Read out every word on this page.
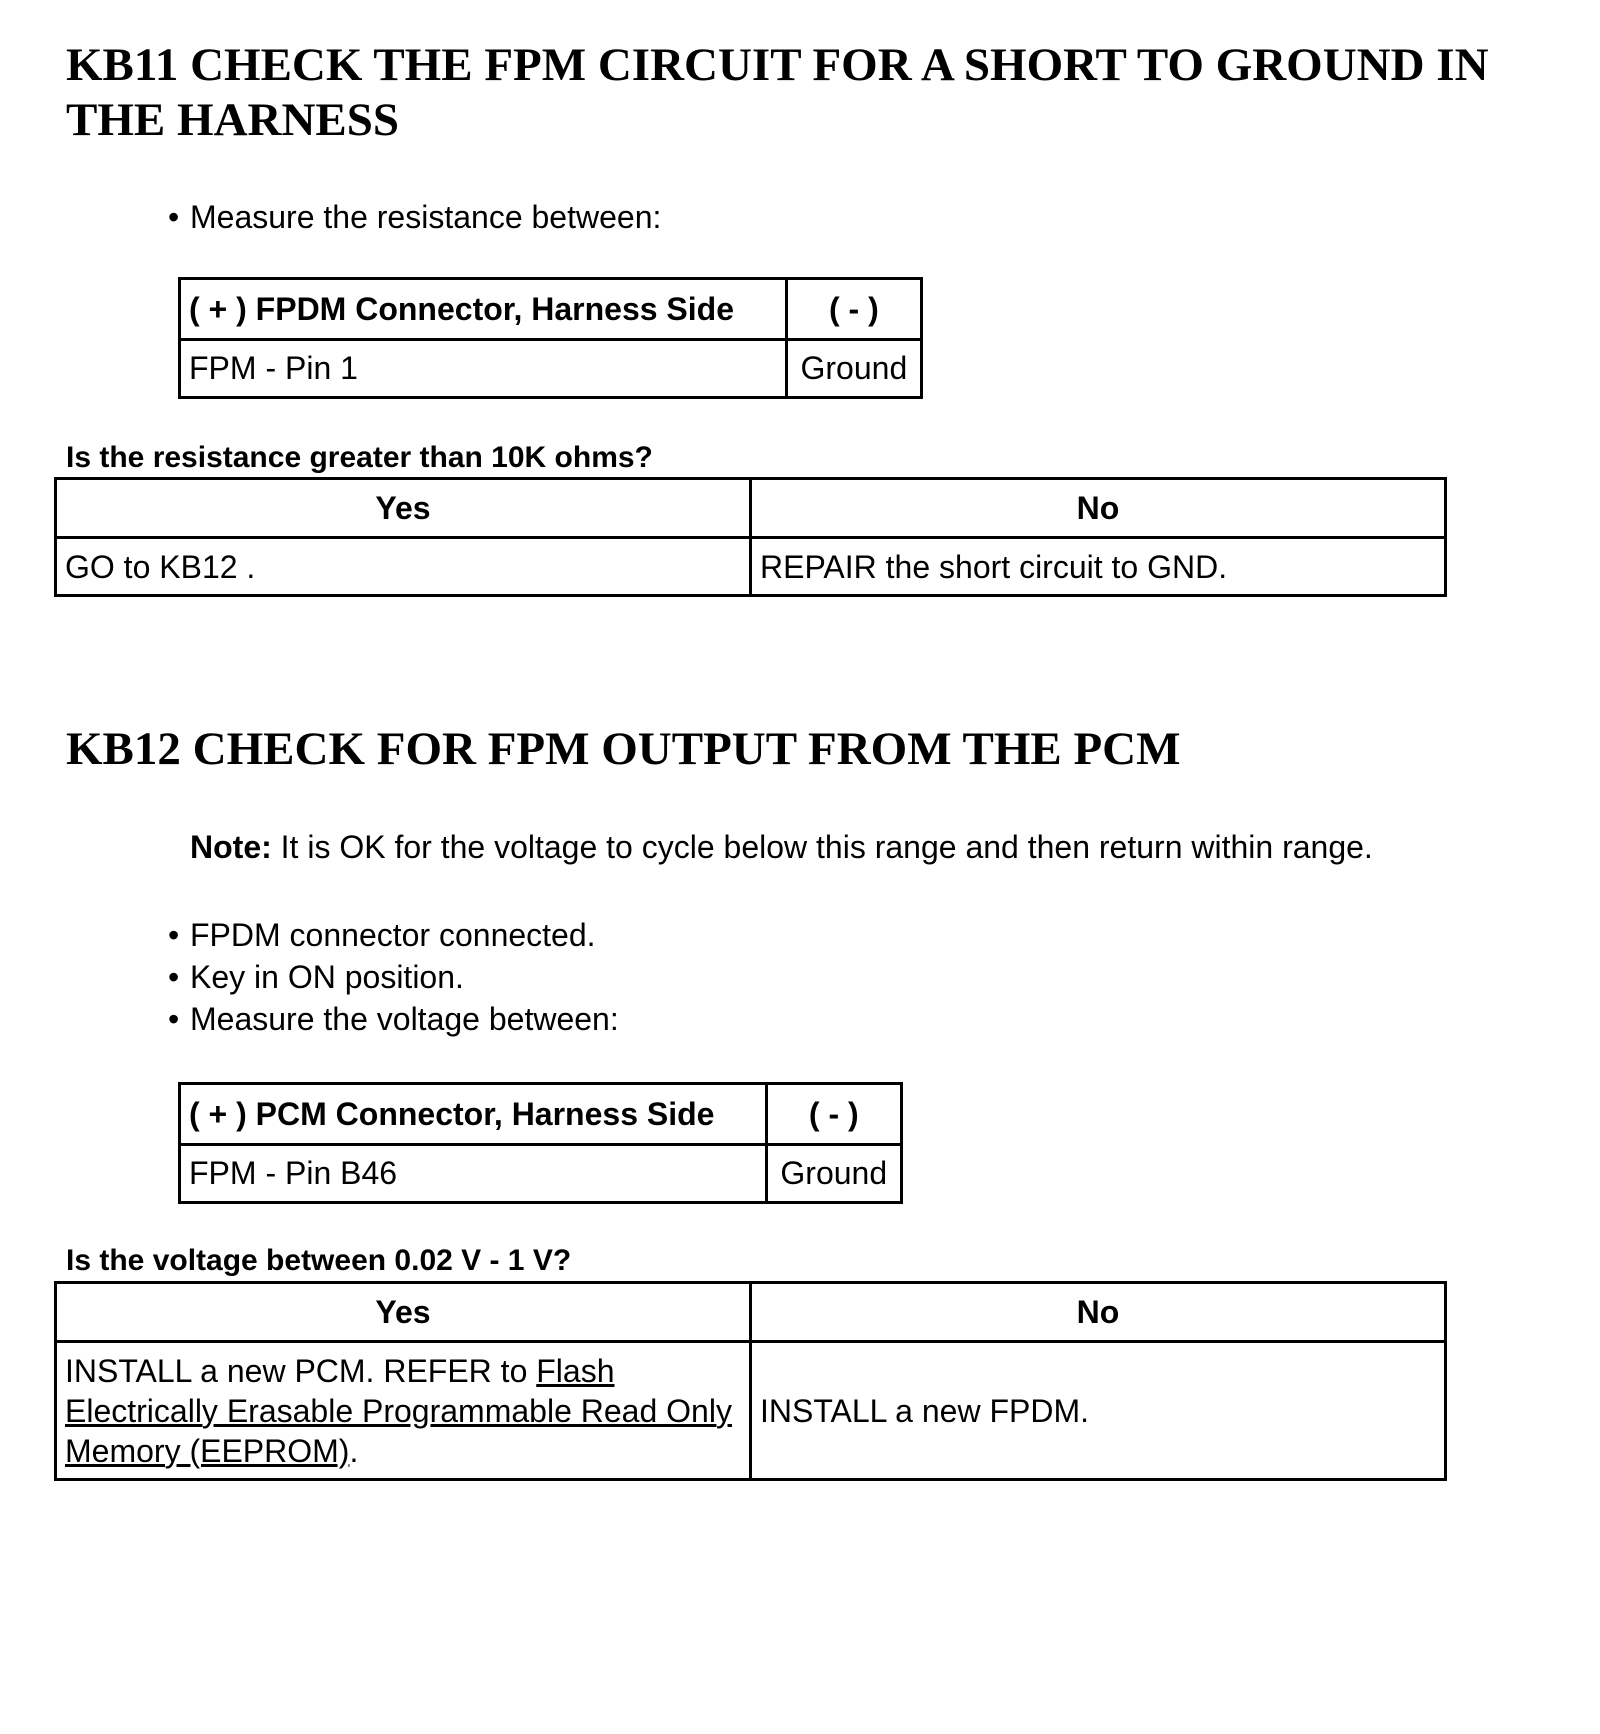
KB11 CHECK THE FPM CIRCUIT FOR A SHORT TO GROUND IN THE HARNESS
• Measure the resistance between:
( + ) FPDM Connector, Harness Side	( - )
FPM - Pin 1	Ground

Is the resistance greater than 10K ohms?

Yes	No
GO to KB12 .	REPAIR the short circuit to GND.
KB12 CHECK FOR FPM OUTPUT FROM THE PCM

Note: It is OK for the voltage to cycle below this range and then return within range.

• FPDM connector connected.
• Key in ON position.
• Measure the voltage between:
( + ) PCM Connector, Harness Side	( - )
FPM - Pin B46	Ground

Is the voltage between 0.02 V - 1 V?

Yes	No
INSTALL a new PCM. REFER to Flash Electrically Erasable Programmable Read Only Memory (EEPROM).	INSTALL a new FPDM.
